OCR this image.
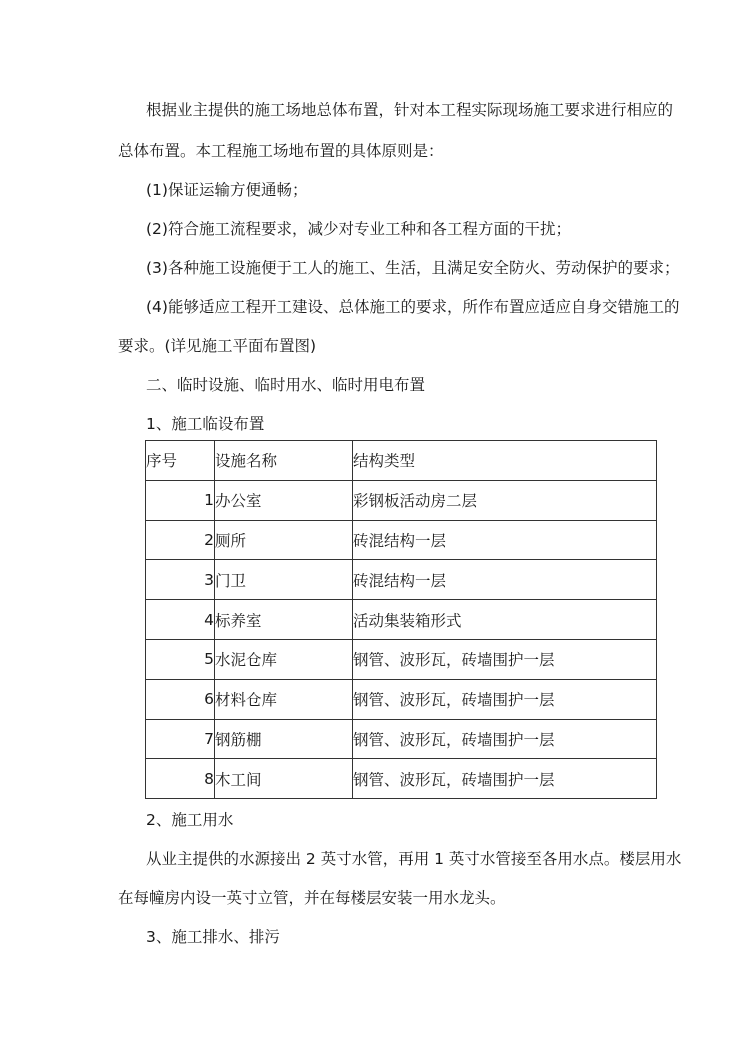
根据业主提供的施工场地总体布置，针对本工程实际现场施工要求进行相应的
总体布置。本工程施工场地布置的具体原则是：
(1)保证运输方便通畅；
(2)符合施工流程要求，减少对专业工种和各工程方面的干扰；
(3)各种施工设施便于工人的施工、生活，且满足安全防火、劳动保护的要求；
(4)能够适应工程开工建设、总体施工的要求，所作布置应适应自身交错施工的
要求。(详见施工平面布置图)
二、临时设施、临时用水、临时用电布置
1、施工临设布置
序号	设施名称	结构类型
1	办公室	彩钢板活动房二层
2	厕所	砖混结构一层
3	门卫	砖混结构一层
4	标养室	活动集装箱形式
5	水泥仓库	钢管、波形瓦，砖墙围护一层
6	材料仓库	钢管、波形瓦，砖墙围护一层
7	钢筋棚	钢管、波形瓦，砖墙围护一层
8	木工间	钢管、波形瓦，砖墙围护一层
2、施工用水
从业主提供的水源接出 2 英寸水管，再用 1 英寸水管接至各用水点。楼层用水
在每幢房内设一英寸立管，并在每楼层安装一用水龙头。
3、施工排水、排污
